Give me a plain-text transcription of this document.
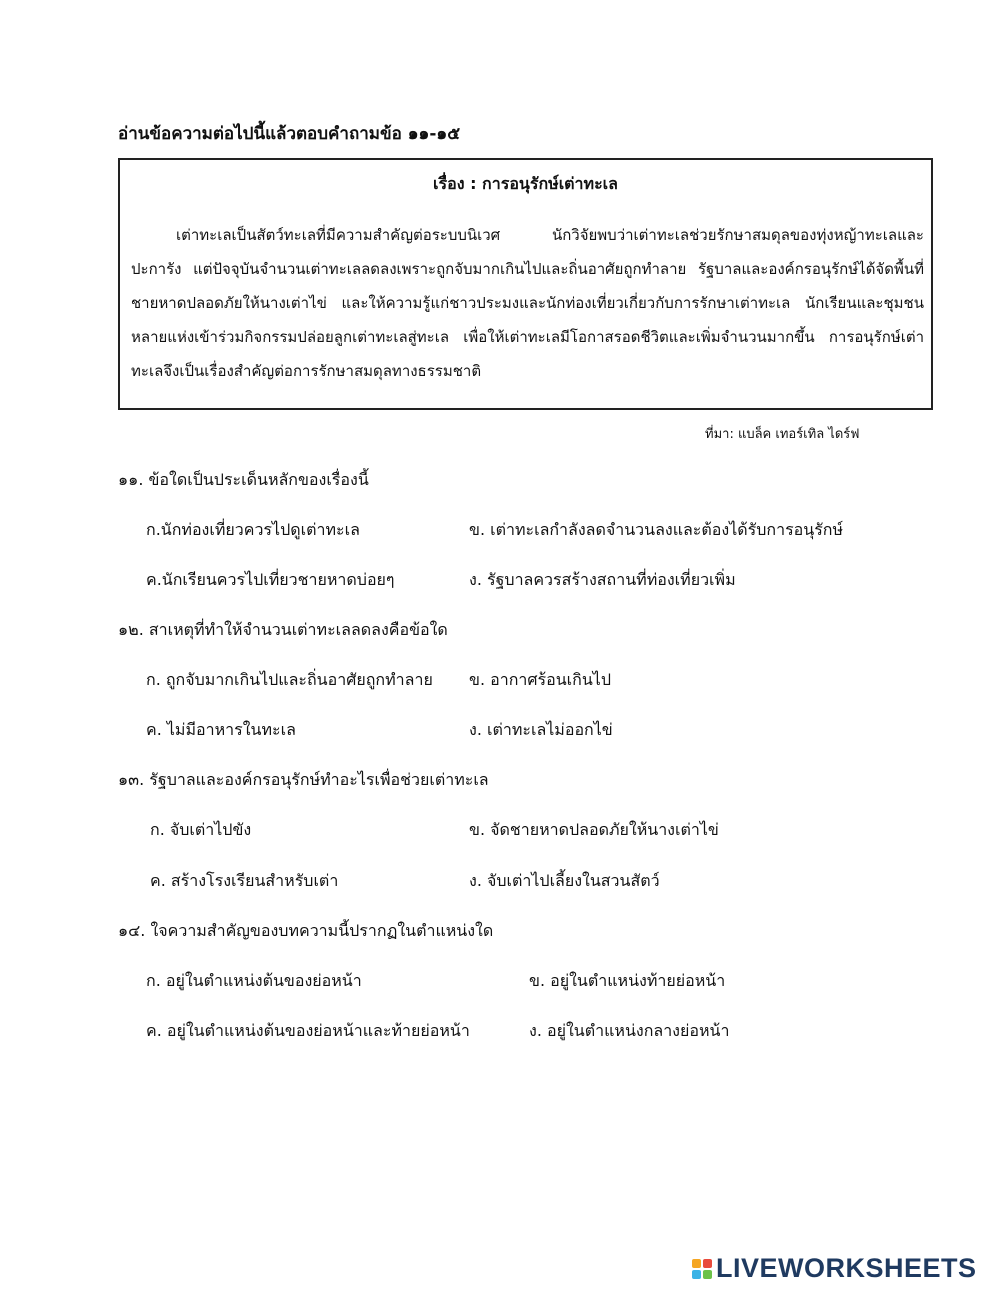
อ่านข้อความต่อไปนี้แล้วตอบคำถามข้อ ๑๑-๑๕
เรื่อง : การอนุรักษ์เต่าทะเล
เต่าทะเลเป็นสัตว์ทะเลที่มีความสำคัญต่อระบบนิเวศ นักวิจัยพบว่าเต่าทะเลช่วยรักษาสมดุลของทุ่งหญ้าทะเลและปะการัง แต่ปัจจุบันจำนวนเต่าทะเลลดลงเพราะถูกจับมากเกินไปและถิ่นอาศัยถูกทำลาย รัฐบาลและองค์กรอนุรักษ์ได้จัดพื้นที่ชายหาดปลอดภัยให้นางเต่าไข่ และให้ความรู้แก่ชาวประมงและนักท่องเที่ยวเกี่ยวกับการรักษาเต่าทะเล นักเรียนและชุมชนหลายแห่งเข้าร่วมกิจกรรมปล่อยลูกเต่าทะเลสู่ทะเล เพื่อให้เต่าทะเลมีโอกาสรอดชีวิตและเพิ่มจำนวนมากขึ้น การอนุรักษ์เต่าทะเลจึงเป็นเรื่องสำคัญต่อการรักษาสมดุลทางธรรมชาติ
ที่มา: แบล็ค เทอร์เทิล ไดร์ฟ
๑๑. ข้อใดเป็นประเด็นหลักของเรื่องนี้
ก.นักท่องเที่ยวควรไปดูเต่าทะเล	ข. เต่าทะเลกำลังลดจำนวนลงและต้องได้รับการอนุรักษ์
ค.นักเรียนควรไปเที่ยวชายหาดบ่อยๆ	ง. รัฐบาลควรสร้างสถานที่ท่องเที่ยวเพิ่ม
๑๒. สาเหตุที่ทำให้จำนวนเต่าทะเลลดลงคือข้อใด
ก. ถูกจับมากเกินไปและถิ่นอาศัยถูกทำลาย ข. อากาศร้อนเกินไป
ค. ไม่มีอาหารในทะเล	ง. เต่าทะเลไม่ออกไข่
๑๓. รัฐบาลและองค์กรอนุรักษ์ทำอะไรเพื่อช่วยเต่าทะเล
ก. จับเต่าไปขัง	ข. จัดชายหาดปลอดภัยให้นางเต่าไข่
ค. สร้างโรงเรียนสำหรับเต่า	ง. จับเต่าไปเลี้ยงในสวนสัตว์
๑๔. ใจความสำคัญของบทความนี้ปรากฏในตำแหน่งใด
ก. อยู่ในตำแหน่งต้นของย่อหน้า	ข. อยู่ในตำแหน่งท้ายย่อหน้า
ค. อยู่ในตำแหน่งต้นของย่อหน้าและท้ายย่อหน้า	ง. อยู่ในตำแหน่งกลางย่อหน้า
LIVEWORKSHEETS
